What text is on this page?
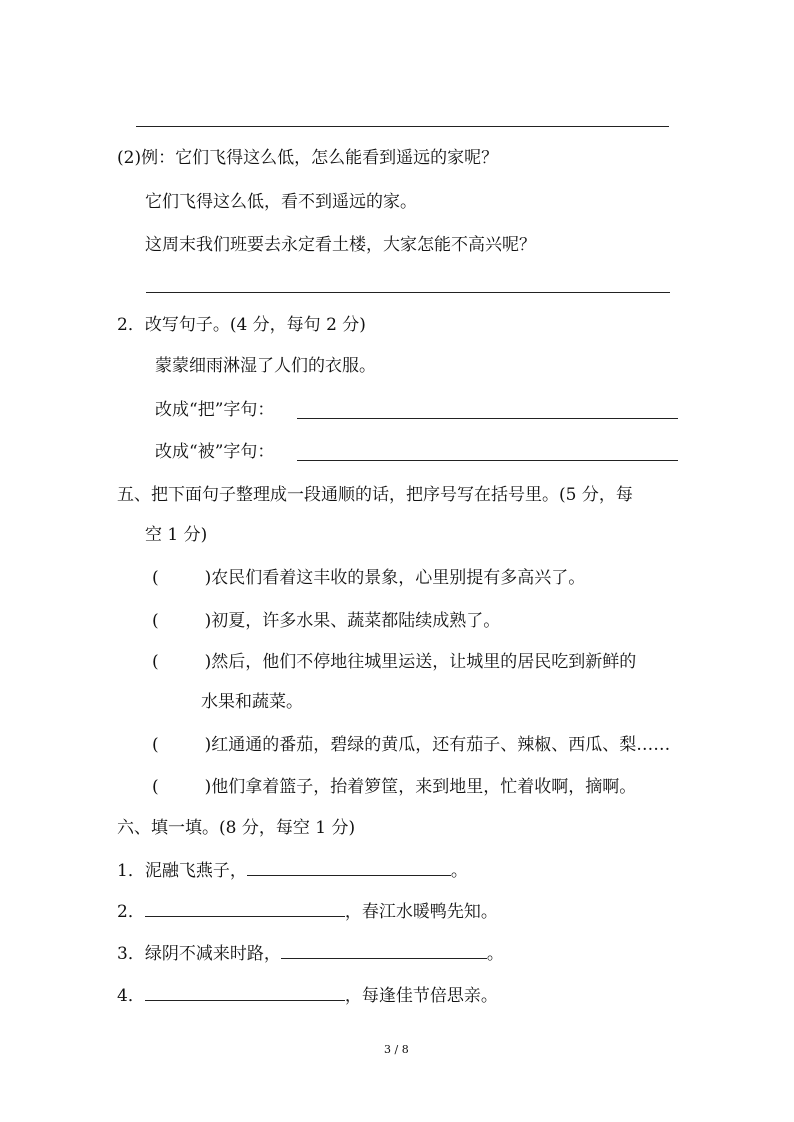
(2)例：它们飞得这么低，怎么能看到遥远的家呢？
它们飞得这么低，看不到遥远的家。
这周末我们班要去永定看土楼，大家怎能不高兴呢？
2．改写句子。(4 分，每句 2 分)
蒙蒙细雨淋湿了人们的衣服。
改成“把”字句：
改成“被”字句：
五、把下面句子整理成一段通顺的话，把序号写在括号里。(5 分，每
空 1 分)
(	)农民们看着这丰收的景象，心里别提有多高兴了。
(	)初夏，许多水果、蔬菜都陆续成熟了。
(	)然后，他们不停地往城里运送，让城里的居民吃到新鲜的
水果和蔬菜。
(	)红通通的番茄，碧绿的黄瓜，还有茄子、辣椒、西瓜、梨……
(	)他们拿着篮子，抬着箩筐，来到地里，忙着收啊，摘啊。
六、填一填。(8 分，每空 1 分)
1．泥融飞燕子，	。
2．	，春江水暖鸭先知。
3．绿阴不减来时路，	。
4．	，每逢佳节倍思亲。
3 / 8
